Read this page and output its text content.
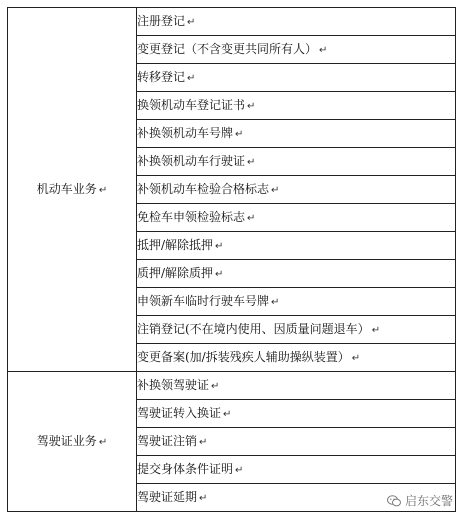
机动车业务 ↵	注册登记 ↵
	变更登记（不含变更共同所有人） ↵
	转移登记 ↵
	换领机动车登记证书 ↵
	补换领机动车号牌 ↵
	补换领机动车行驶证 ↵
	补领机动车检验合格标志 ↵
	免检车申领检验标志 ↵
	抵押/解除抵押 ↵
	质押/解除质押 ↵
	申领新车临时行驶车号牌 ↵
	注销登记(不在境内使用、因质量问题退车） ↵
	变更备案(加/拆装残疾人辅助操纵装置） ↵
驾驶证业务 ↵	补换领驾驶证 ↵
	驾驶证转入换证 ↵
	驾驶证注销 ↵
	提交身体条件证明 ↵
	驾驶证延期 ↵	启东交警
